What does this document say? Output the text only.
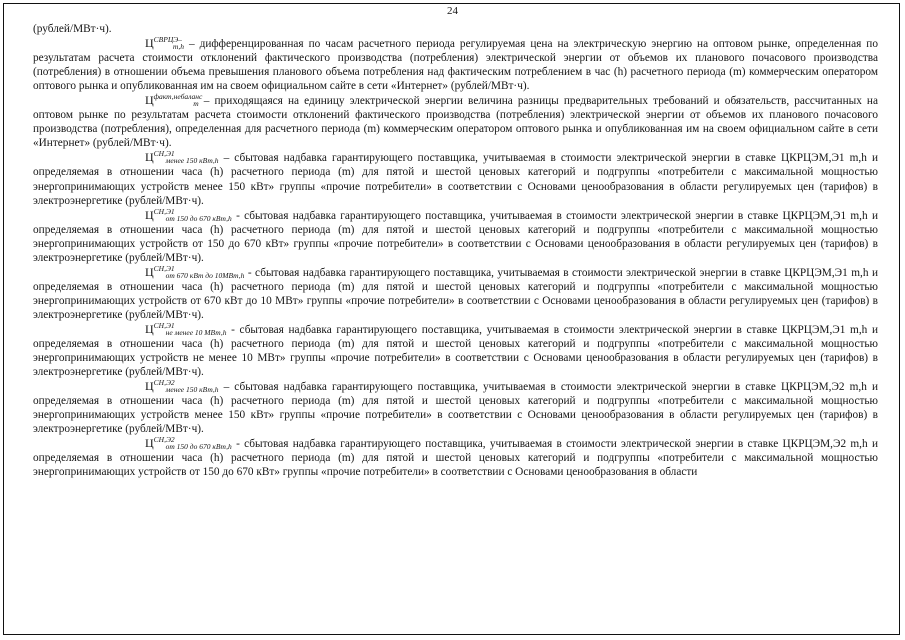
24

(рублей/МВт·ч).

$Ц^{СВРЦЭ-}_{m,h}$ – дифференцированная по часам расчетного периода регулируемая цена на электрическую энергию на оптовом рынке, определенная по результатам расчета стоимости отклонений фактического производства (потребления) электрической энергии от объемов их планового почасового производства (потребления) в отношении объема превышения планового объема потребления над фактическим потреблением в час (h) расчетного периода (m) коммерческим оператором оптового рынка и опубликованная им на своем официальном сайте в сети «Интернет» (рублей/МВт·ч).

$Ц^{факт,небаланс}_m$ – приходящаяся на единицу электрической энергии величина разницы предварительных требований и обязательств, рассчитанных на оптовом рынке по результатам расчета стоимости отклонений фактического производства (потребления) электрической энергии от объемов их планового почасового производства (потребления), определенная для расчетного периода (m) коммерческим оператором оптового рынка и опубликованная им на своем официальном сайте в сети «Интернет» (рублей/МВт·ч).

$Ц^{СН,Э1}_{менее 150 кВт,h}$ – сбытовая надбавка гарантирующего поставщика, учитываемая в стоимости электрической энергии в ставке ЦКРЦЭМ,Э1 m,h и определяемая в отношении часа (h) расчетного периода (m) для пятой и шестой ценовых категорий и подгруппы «потребители с максимальной мощностью энергопринимающих устройств менее 150 кВт» группы «прочие потребители» в соответствии с Основами ценообразования в области регулируемых цен (тарифов) в электроэнергетике (рублей/МВт·ч).

$Ц^{СН,Э1}_{от 150 до 670 кВт,h}$ - сбытовая надбавка гарантирующего поставщика, учитываемая в стоимости электрической энергии в ставке ЦКРЦЭМ,Э1 m,h и определяемая в отношении часа (h) расчетного периода (m) для пятой и шестой ценовых категорий и подгруппы «потребители с максимальной мощностью энергопринимающих устройств от 150 до 670 кВт» группы «прочие потребители» в соответствии с Основами ценообразования в области регулируемых цен (тарифов) в электроэнергетике (рублей/МВт·ч).

$Ц^{СН,Э1}_{от 670 кВт до 10МВт,h}$ - сбытовая надбавка гарантирующего поставщика, учитываемая в стоимости электрической энергии в ставке ЦКРЦЭМ,Э1 m,h и определяемая в отношении часа (h) расчетного периода (m) для пятой и шестой ценовых категорий и подгруппы «потребители с максимальной мощностью энергопринимающих устройств от 670 кВт до 10 МВт» группы «прочие потребители» в соответствии с Основами ценообразования в области регулируемых цен (тарифов) в электроэнергетике (рублей/МВт·ч).

$Ц^{СН,Э1}_{не менее 10 МВт,h}$ - сбытовая надбавка гарантирующего поставщика, учитываемая в стоимости электрической энергии в ставке ЦКРЦЭМ,Э1 m,h и определяемая в отношении часа (h) расчетного периода (m) для пятой и шестой ценовых категорий и подгруппы «потребители с максимальной мощностью энергопринимающих устройств не менее 10 МВт» группы «прочие потребители» в соответствии с Основами ценообразования в области регулируемых цен (тарифов) в электроэнергетике (рублей/МВт·ч).

$Ц^{СН,Э2}_{менее 150 кВт,h}$ – сбытовая надбавка гарантирующего поставщика, учитываемая в стоимости электрической энергии в ставке ЦКРЦЭМ,Э2 m,h и определяемая в отношении часа (h) расчетного периода (m) для пятой и шестой ценовых категорий и подгруппы «потребители с максимальной мощностью энергопринимающих устройств менее 150 кВт» группы «прочие потребители» в соответствии с Основами ценообразования в области регулируемых цен (тарифов) в электроэнергетике (рублей/МВт·ч).

$Ц^{СН,Э2}_{от 150 до 670 кВт,h}$ - сбытовая надбавка гарантирующего поставщика, учитываемая в стоимости электрической энергии в ставке ЦКРЦЭМ,Э2 m,h и определяемая в отношении часа (h) расчетного периода (m) для пятой и шестой ценовых категорий и подгруппы «потребители с максимальной мощностью энергопринимающих устройств от 150 до 670 кВт» группы «прочие потребители» в соответствии с Основами ценообразования в области
